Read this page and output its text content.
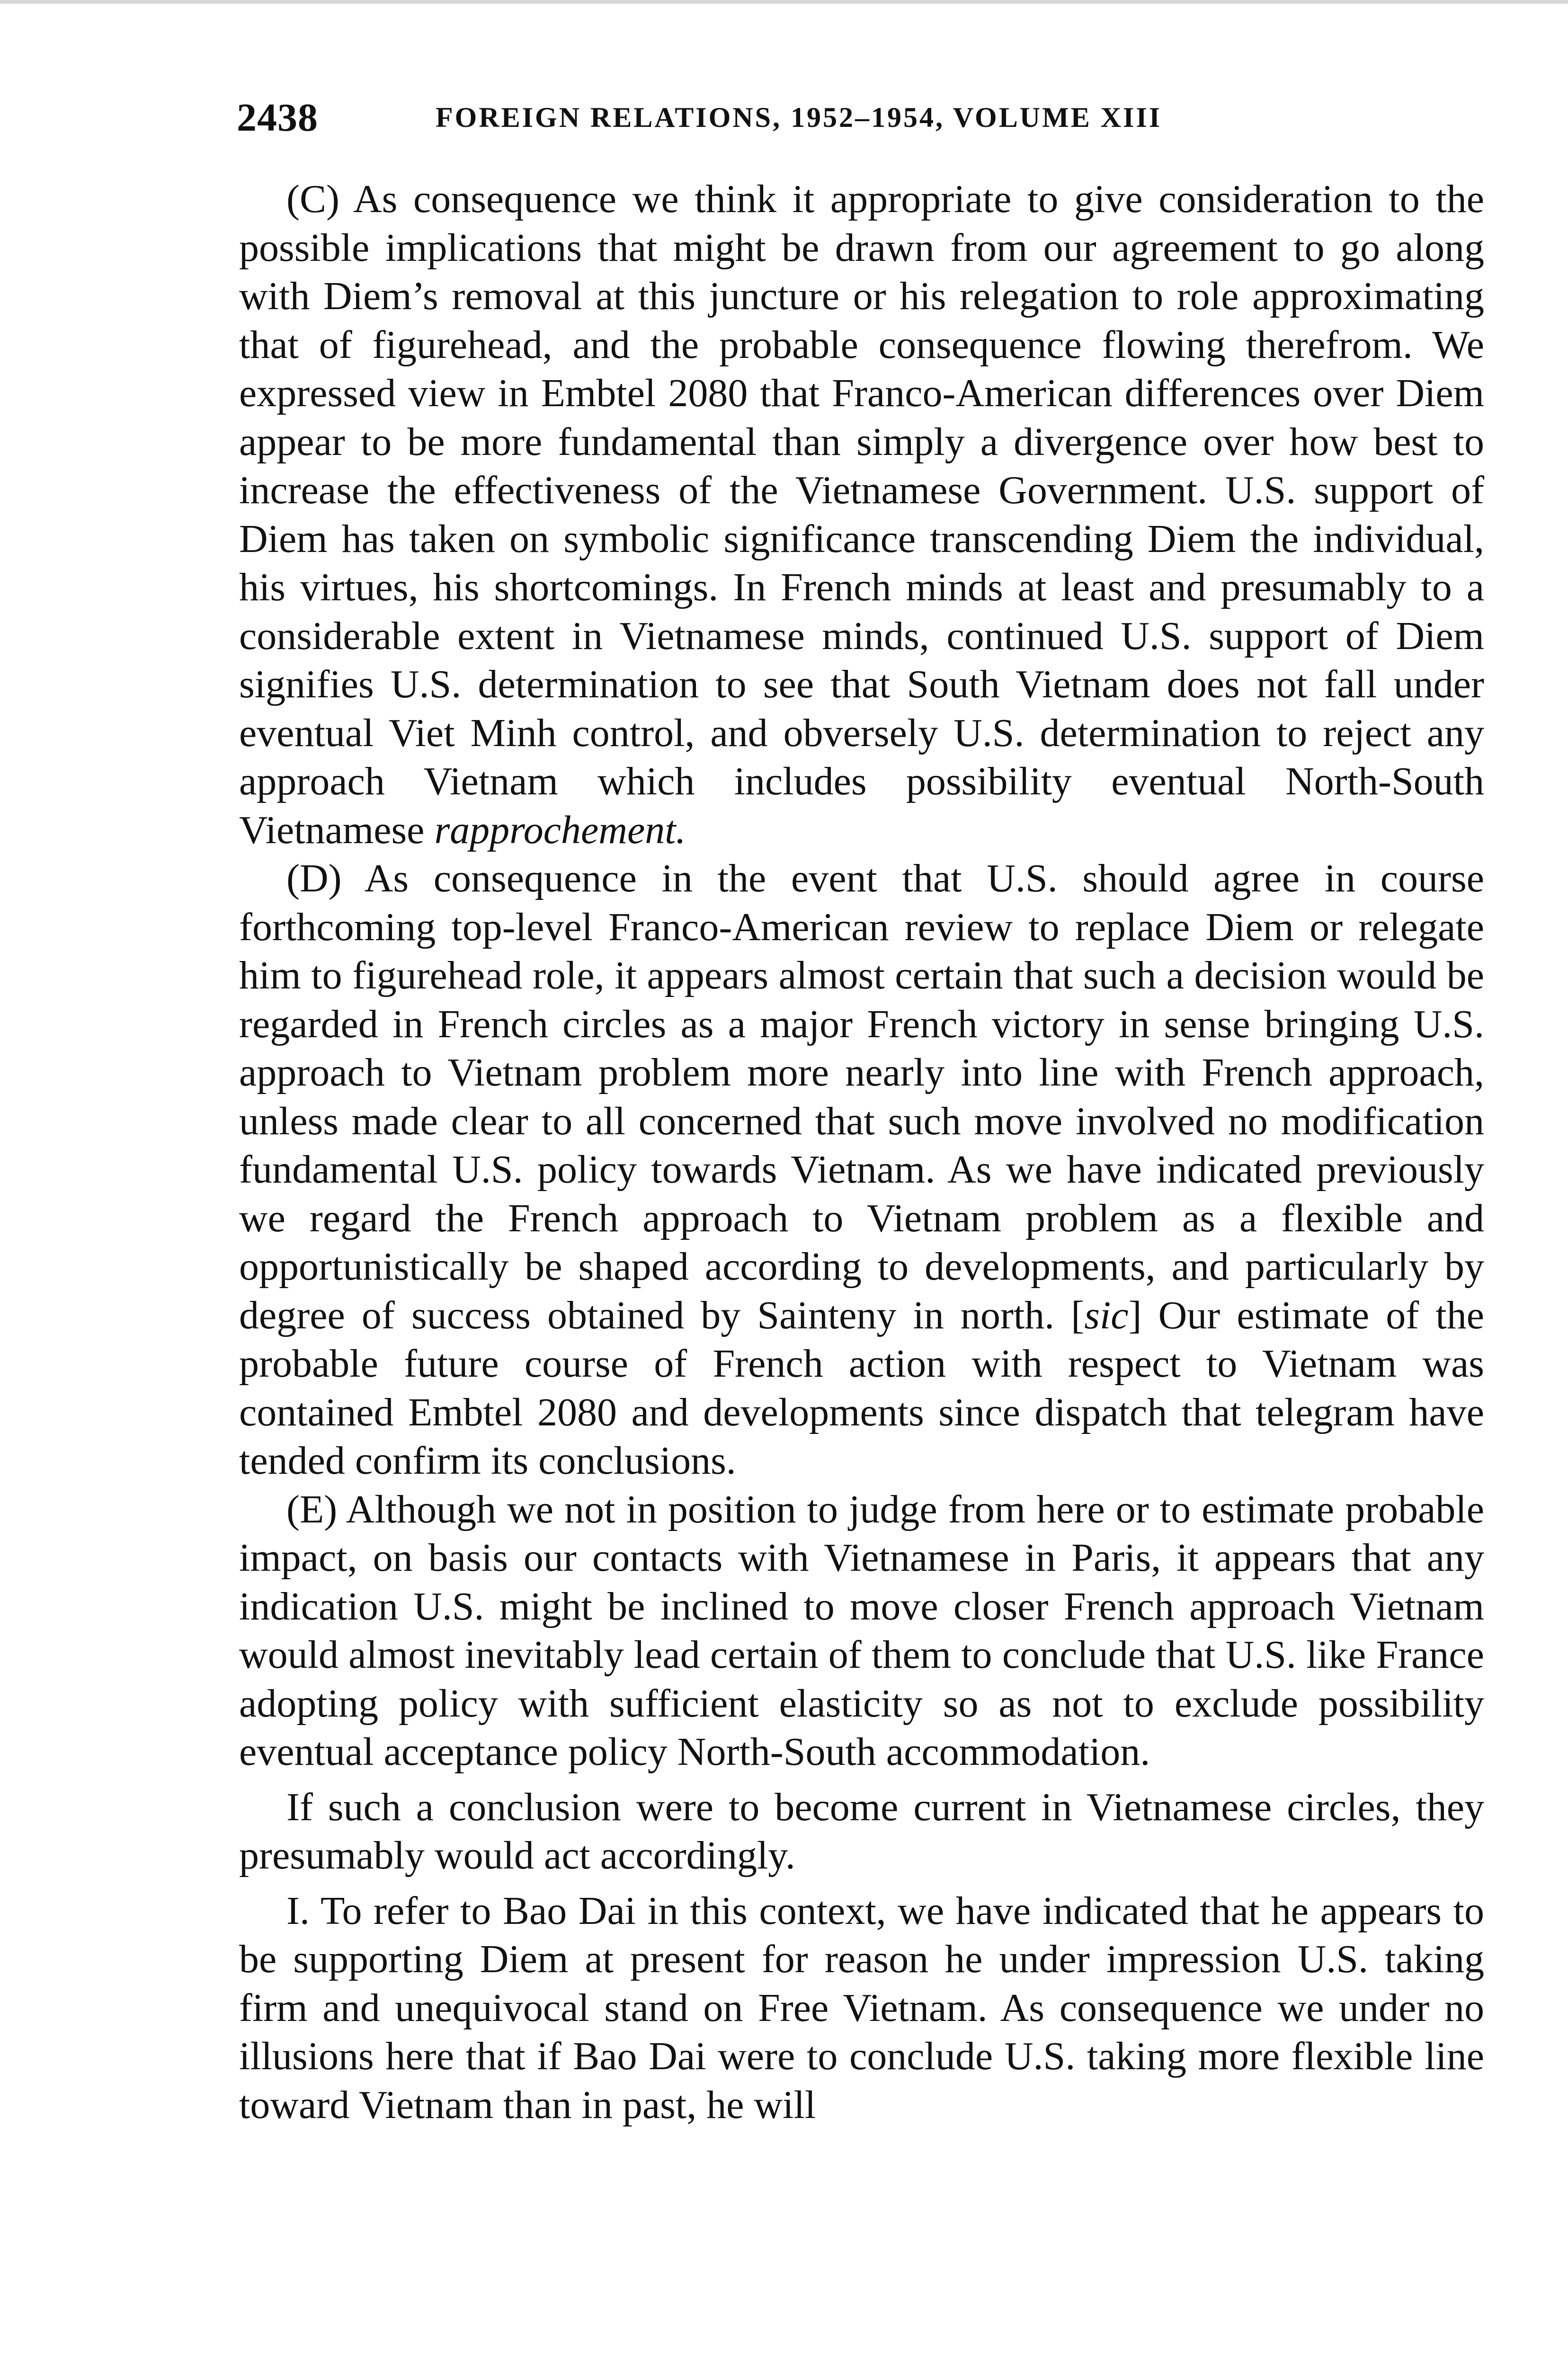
2438	FOREIGN RELATIONS, 1952–1954, VOLUME XIII

(C) As consequence we think it appropriate to give consideration to the possible implications that might be drawn from our agreement to go along with Diem’s removal at this juncture or his relegation to role approximating that of figurehead, and the probable consequence flowing therefrom. We expressed view in Embtel 2080 that Franco-American differences over Diem appear to be more fundamental than simply a divergence over how best to increase the effectiveness of the Vietnamese Government. U.S. support of Diem has taken on symbolic significance transcending Diem the individual, his virtues, his shortcomings. In French minds at least and presumably to a considerable extent in Vietnamese minds, continued U.S. support of Diem signifies U.S. determination to see that South Vietnam does not fall under eventual Viet Minh control, and obversely U.S. determination to reject any approach Vietnam which includes possibility eventual North-South Vietnamese rapprochement.

(D) As consequence in the event that U.S. should agree in course forthcoming top-level Franco-American review to replace Diem or relegate him to figurehead role, it appears almost certain that such a decision would be regarded in French circles as a major French victory in sense bringing U.S. approach to Vietnam problem more nearly into line with French approach, unless made clear to all concerned that such move involved no modification fundamental U.S. policy towards Vietnam. As we have indicated previously we regard the French approach to Vietnam problem as a flexible and opportunistically be shaped according to developments, and particularly by degree of success obtained by Sainteny in north. [sic] Our estimate of the probable future course of French action with respect to Vietnam was contained Embtel 2080 and developments since dispatch that telegram have tended confirm its conclusions.

(E) Although we not in position to judge from here or to estimate probable impact, on basis our contacts with Vietnamese in Paris, it appears that any indication U.S. might be inclined to move closer French approach Vietnam would almost inevitably lead certain of them to conclude that U.S. like France adopting policy with sufficient elasticity so as not to exclude possibility eventual acceptance policy North-South accommodation.

If such a conclusion were to become current in Vietnamese circles, they presumably would act accordingly.

I. To refer to Bao Dai in this context, we have indicated that he appears to be supporting Diem at present for reason he under impression U.S. taking firm and unequivocal stand on Free Vietnam. As consequence we under no illusions here that if Bao Dai were to conclude U.S. taking more flexible line toward Vietnam than in past, he will
